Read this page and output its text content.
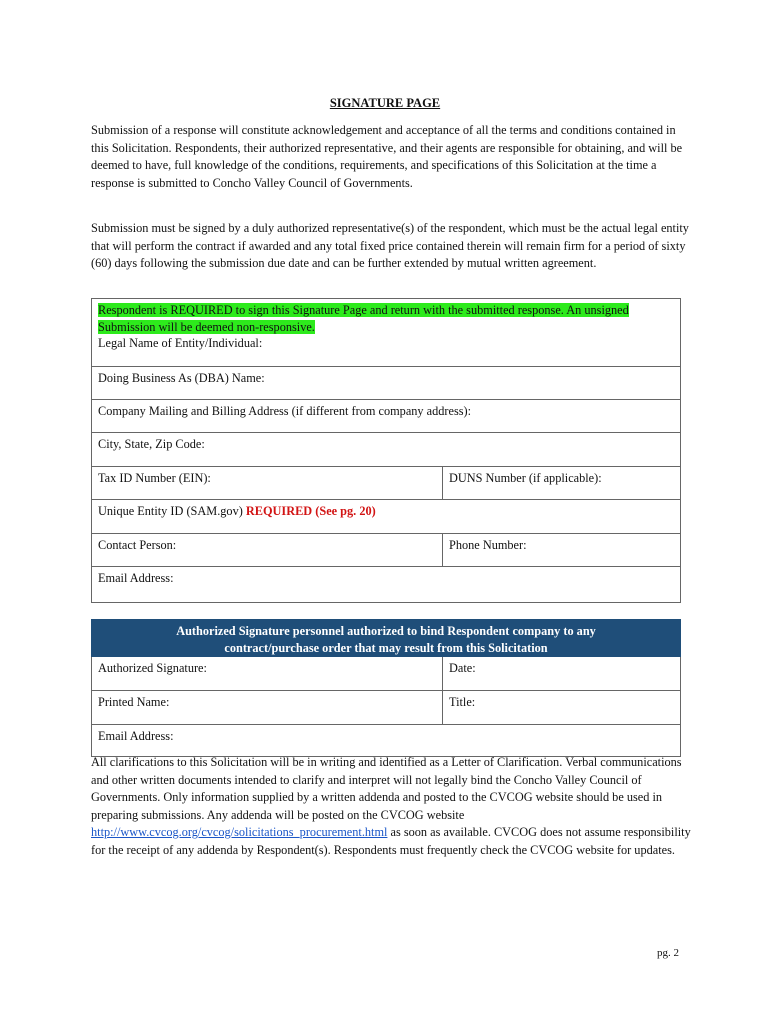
SIGNATURE PAGE

Submission of a response will constitute acknowledgement and acceptance of all the terms and conditions contained in this Solicitation. Respondents, their authorized representative, and their agents are responsible for obtaining, and will be deemed to have, full knowledge of the conditions, requirements, and specifications of this Solicitation at the time a response is submitted to Concho Valley Council of Governments.

Submission must be signed by a duly authorized representative(s) of the respondent, which must be the actual legal entity that will perform the contract if awarded and any total fixed price contained therein will remain firm for a period of sixty (60) days following the submission due date and can be further extended by mutual written agreement.

Respondent is REQUIRED to sign this Signature Page and return with the submitted response. An unsigned Submission will be deemed non-responsive.
Legal Name of Entity/Individual:	
Doing Business As (DBA) Name:	
Company Mailing and Billing Address (if different from company address):	
City, State, Zip Code:	
Tax ID Number (EIN):	DUNS Number (if applicable):
Unique Entity ID (SAM.gov) REQUIRED (See pg. 20)	
Contact Person:	Phone Number:
Email Address:	
Authorized Signature personnel authorized to bind Respondent company to any
contract/purchase order that may result from this Solicitation	
Authorized Signature:	Date:
Printed Name:	Title:
Email Address:	

All clarifications to this Solicitation will be in writing and identified as a Letter of Clarification. Verbal communications and other written documents intended to clarify and interpret will not legally bind the Concho Valley Council of Governments. Only information supplied by a written addenda and posted to the CVCOG website should be used in preparing submissions. Any addenda will be posted on the CVCOG website http://www.cvcog.org/cvcog/solicitations_procurement.html as soon as available. CVCOG does not assume responsibility for the receipt of any addenda by Respondent(s). Respondents must frequently check the CVCOG website for updates.

pg. 2
